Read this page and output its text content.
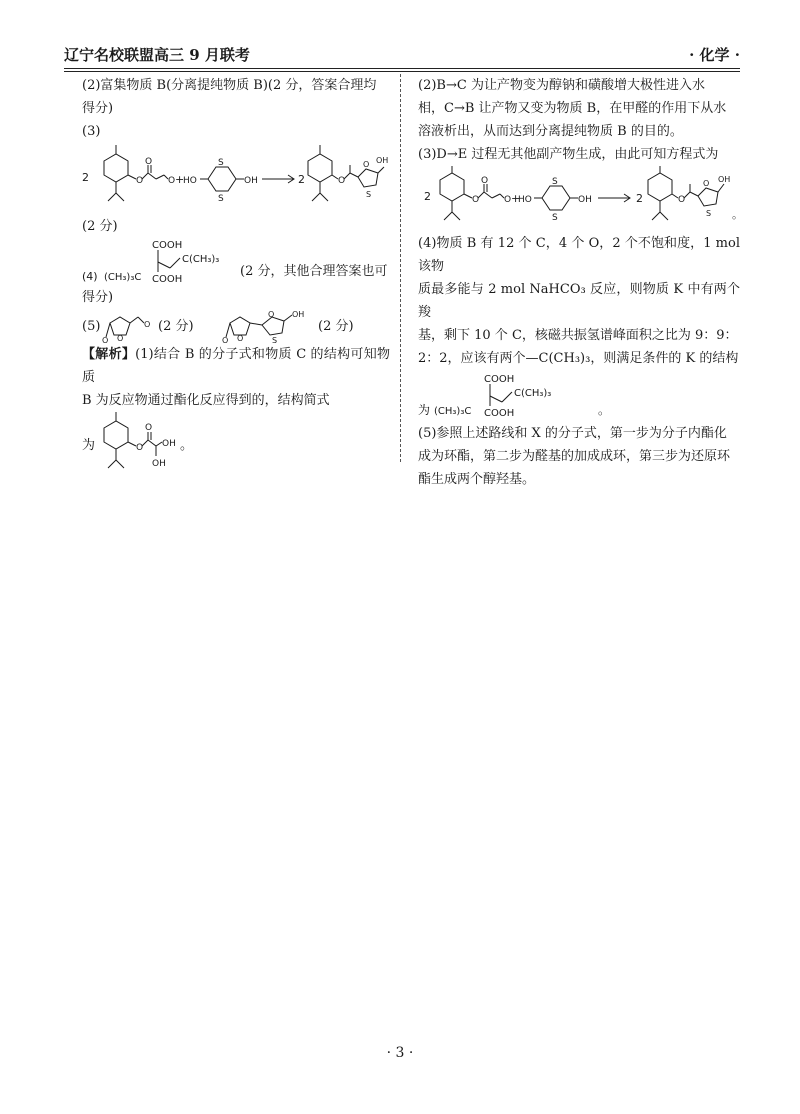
辽宁名校联盟高三 9 月联考	· 化学 ·

(2)富集物质 B(分离提纯物质 B)(2 分，答案合理均

得分)

(3)

2	O
O
O +
HO
S
S
OH	2	O
O
S
OH

(2 分)

(4) (CH₃)₃C
COOH
COOH
C(CH₃)₃
(2 分，其他合理答案也可

得分)

(5)
O
O
O
(2 分)
O
O
S
OH
O
(2 分)

【解析】(1)结合 B 的分子式和物质 C 的结构可知物质

B 为反应物通过酯化反应得到的，结构简式

为	O
O
OH
OH
。

(2)B→C 为让产物变为醇钠和磺酸增大极性进入水

相，C→B 让产物又变为物质 B，在甲醛的作用下从水

溶液析出，从而达到分离提纯物质 B 的目的。

(3)D→E 过程无其他副产物生成，由此可知方程式为

2	O
O
O +
HO
S
S
OH	2	O
O
S
OH
。

(4)物质 B 有 12 个 C，4 个 O，2 个不饱和度，1 mol 该物

质最多能与 2 mol NaHCO₃ 反应，则物质 K 中有两个羧

基，剩下 10 个 C，核磁共振氢谱峰面积之比为 9：9：

2：2，应该有两个—C(CH₃)₃，则满足条件的 K 的结构

为 (CH₃)₃C
COOH
COOH
C(CH₃)₃
。

(5)参照上述路线和 X 的分子式，第一步为分子内酯化

成为环酯，第二步为醛基的加成成环，第三步为还原环

酯生成两个醇羟基。

· 3 ·
